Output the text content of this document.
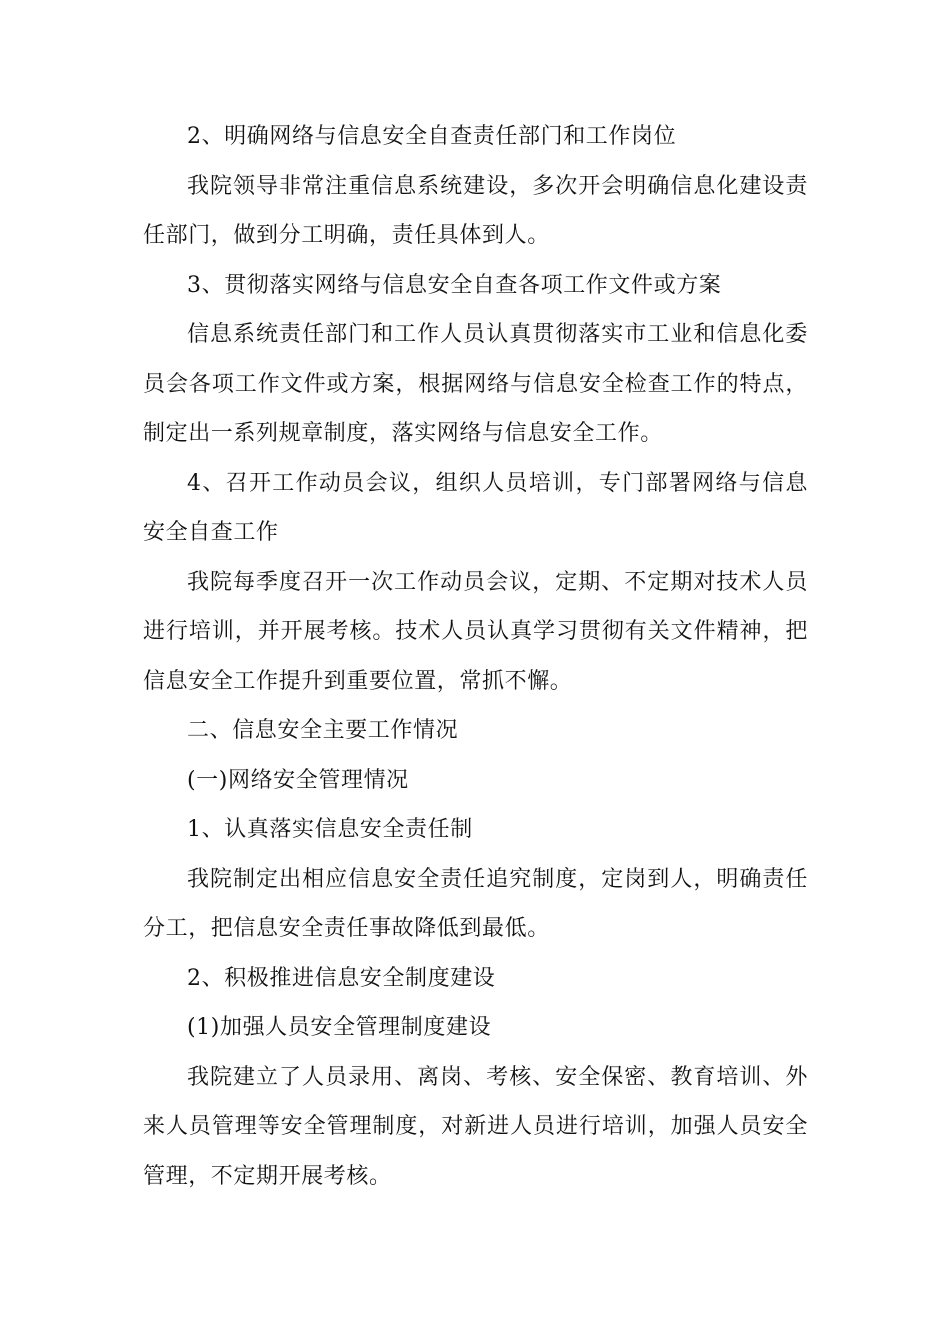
2、明确网络与信息安全自查责任部门和工作岗位

我院领导非常注重信息系统建设，多次开会明确信息化建设责任部门，做到分工明确，责任具体到人。

3、贯彻落实网络与信息安全自查各项工作文件或方案

信息系统责任部门和工作人员认真贯彻落实市工业和信息化委员会各项工作文件或方案，根据网络与信息安全检查工作的特点，制定出一系列规章制度，落实网络与信息安全工作。

4、召开工作动员会议，组织人员培训，专门部署网络与信息安全自查工作

我院每季度召开一次工作动员会议，定期、不定期对技术人员进行培训，并开展考核。技术人员认真学习贯彻有关文件精神，把信息安全工作提升到重要位置，常抓不懈。

二、信息安全主要工作情况

(一)网络安全管理情况

1、认真落实信息安全责任制

我院制定出相应信息安全责任追究制度，定岗到人，明确责任分工，把信息安全责任事故降低到最低。

2、积极推进信息安全制度建设

(1)加强人员安全管理制度建设

我院建立了人员录用、离岗、考核、安全保密、教育培训、外来人员管理等安全管理制度，对新进人员进行培训，加强人员安全管理，不定期开展考核。
